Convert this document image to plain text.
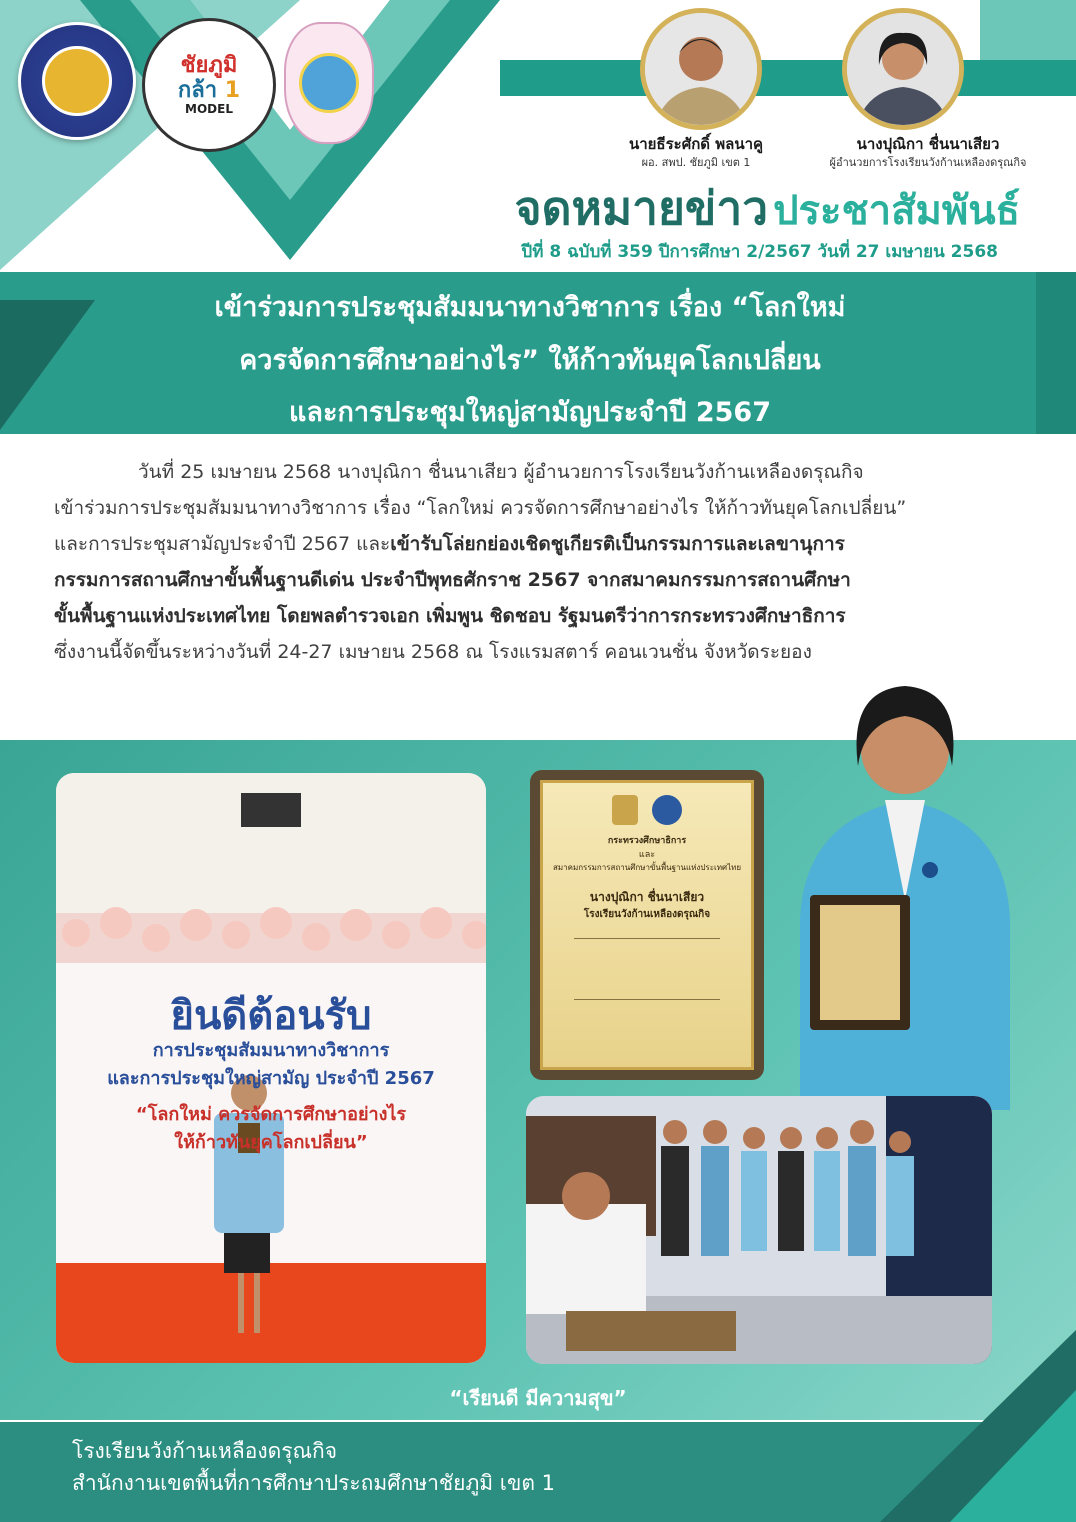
ชัยภูมิ
กล้า 1
MODEL
นายธีระศักดิ์ พลนาคู
ผอ. สพป. ชัยภูมิ เขต 1
นางปุณิกา ชื่นนาเสียว
ผู้อำนวยการโรงเรียนวังก้านเหลืองดรุณกิจ
จดหมายข่าว ประชาสัมพันธ์
ปีที่ 8 ฉบับที่ 359 ปีการศึกษา 2/2567 วันที่ 27 เมษายน 2568
เข้าร่วมการประชุมสัมมนาทางวิชาการ เรื่อง “โลกใหม่
ควรจัดการศึกษาอย่างไร” ให้ก้าวทันยุคโลกเปลี่ยน
และการประชุมใหญ่สามัญประจำปี 2567
วันที่ 25 เมษายน 2568 นางปุณิกา ชื่นนาเสียว ผู้อำนวยการโรงเรียนวังก้านเหลืองดรุณกิจ
เข้าร่วมการประชุมสัมมนาทางวิชาการ เรื่อง “โลกใหม่ ควรจัดการศึกษาอย่างไร ให้ก้าวทันยุคโลกเปลี่ยน”
และการประชุมสามัญประจำปี 2567 และเข้ารับโล่ยกย่องเชิดชูเกียรติเป็นกรรมการและเลขานุการ
กรรมการสถานศึกษาขั้นพื้นฐานดีเด่น ประจำปีพุทธศักราช 2567 จากสมาคมกรรมการสถานศึกษา
ขั้นพื้นฐานแห่งประเทศไทย โดยพลตำรวจเอก เพิ่มพูน ชิดชอบ รัฐมนตรีว่าการกระทรวงศึกษาธิการ
ซึ่งงานนี้จัดขึ้นระหว่างวันที่ 24-27 เมษายน 2568 ณ โรงแรมสตาร์ คอนเวนชั่น จังหวัดระยอง
ยินดีต้อนรับ
การประชุมสัมมนาทางวิชาการ
และการประชุมใหญ่สามัญ ประจำปี 2567
“โลกใหม่ ควรจัดการศึกษาอย่างไร
ให้ก้าวทันยุคโลกเปลี่ยน”
กระทรวงศึกษาธิการ
และ
สมาคมกรรมการสถานศึกษาขั้นพื้นฐานแห่งประเทศไทย
นางปุณิกา ชื่นนาเสียว
โรงเรียนวังก้านเหลืองดรุณกิจ
“เรียนดี มีความสุข”
โรงเรียนวังก้านเหลืองดรุณกิจ
สำนักงานเขตพื้นที่การศึกษาประถมศึกษาชัยภูมิ เขต 1
